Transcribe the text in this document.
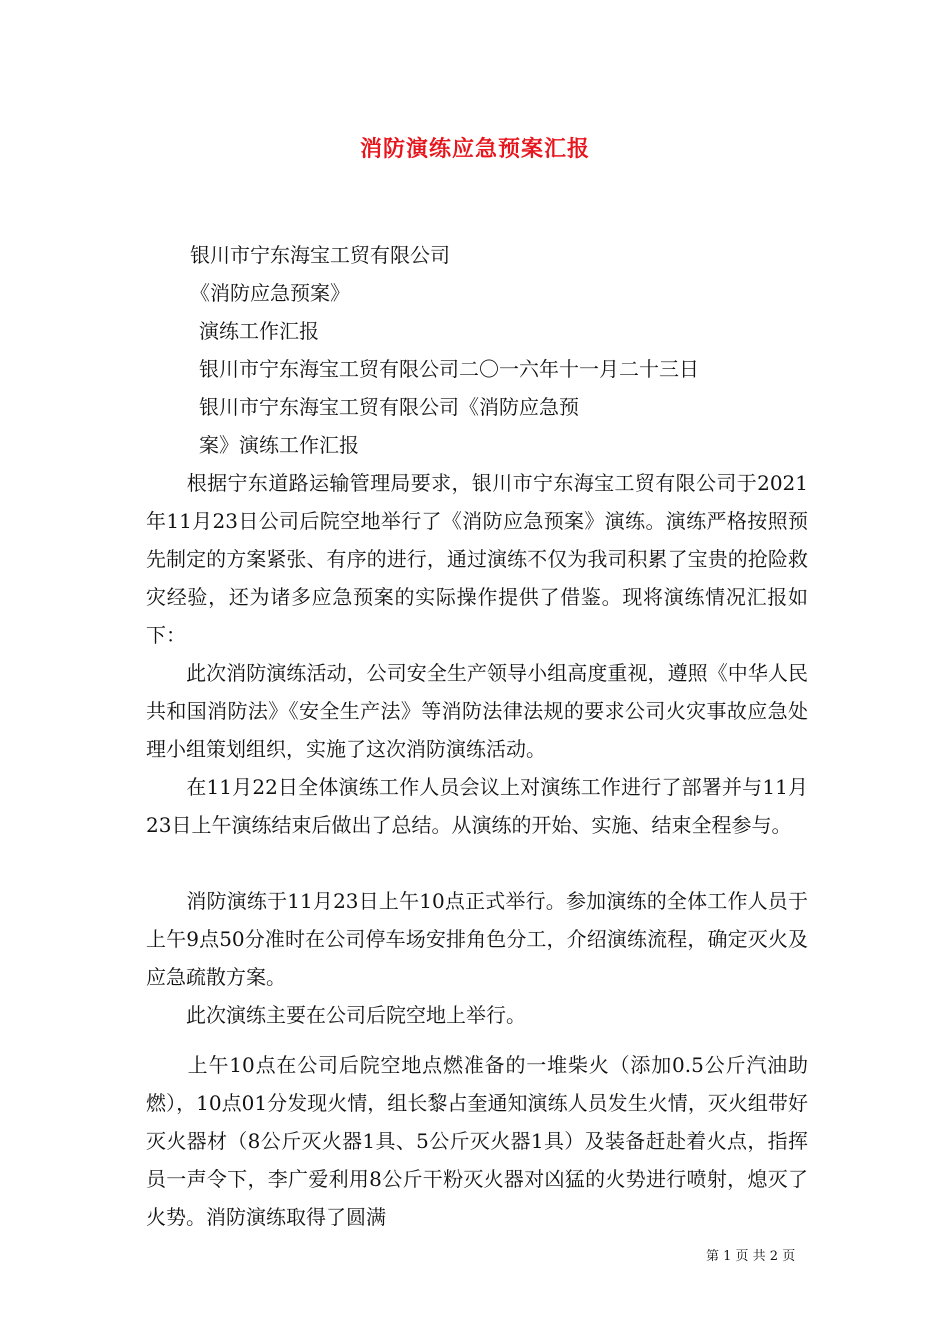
消防演练应急预案汇报
银川市宁东海宝工贸有限公司
《消防应急预案》
演练工作汇报
银川市宁东海宝工贸有限公司二〇一六年十一月二十三日
银川市宁东海宝工贸有限公司《消防应急预
案》演练工作汇报
　　根据宁东道路运输管理局要求，银川市宁东海宝工贸有限公司于2021年11月23日公司后院空地举行了《消防应急预案》演练。演练严格按照预先制定的方案紧张、有序的进行，通过演练不仅为我司积累了宝贵的抢险救灾经验，还为诸多应急预案的实际操作提供了借鉴。现将演练情况汇报如下：
　　此次消防演练活动，公司安全生产领导小组高度重视，遵照《中华人民共和国消防法》《安全生产法》等消防法律法规的要求公司火灾事故应急处理小组策划组织，实施了这次消防演练活动。
　　在11月22日全体演练工作人员会议上对演练工作进行了部署并与11月23日上午演练结束后做出了总结。从演练的开始、实施、结束全程参与。
　　消防演练于11月23日上午10点正式举行。参加演练的全体工作人员于上午9点50分准时在公司停车场安排角色分工，介绍演练流程，确定灭火及应急疏散方案。
　　此次演练主要在公司后院空地上举行。
　　上午10点在公司后院空地点燃准备的一堆柴火（添加0.5公斤汽油助燃），10点01分发现火情，组长黎占奎通知演练人员发生火情，灭火组带好灭火器材（8公斤灭火器1具、5公斤灭火器1具）及装备赶赴着火点，指挥员一声令下，李广爱利用8公斤干粉灭火器对凶猛的火势进行喷射，熄灭了火势。消防演练取得了圆满
第 1 页 共 2 页
